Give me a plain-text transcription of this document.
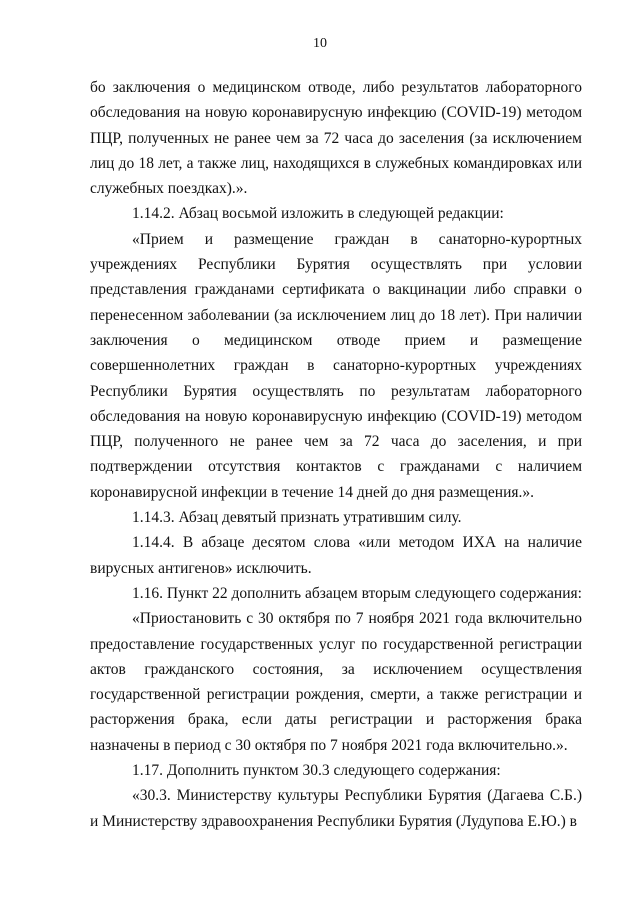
10

бо заключения о медицинском отводе, либо результатов лабораторного обследования на новую коронавирусную инфекцию (COVID-19) методом ПЦР, полученных не ранее чем за 72 часа до заселения (за исключением лиц до 18 лет, а также лиц, находящихся в служебных командировках или служебных поездках).».

1.14.2. Абзац восьмой изложить в следующей редакции:

«Прием и размещение граждан в санаторно-курортных учреждениях Республики Бурятия осуществлять при условии представления гражданами сертификата о вакцинации либо справки о перенесенном заболевании (за исключением лиц до 18 лет). При наличии заключения о медицинском отводе прием и размещение совершеннолетних граждан в санаторно-курортных учреждениях Республики Бурятия осуществлять по результатам лабораторного обследования на новую коронавирусную инфекцию (COVID-19) методом ПЦР, полученного не ранее чем за 72 часа до заселения, и при подтверждении отсутствия контактов с гражданами с наличием коронавирусной инфекции в течение 14 дней до дня размещения.».

1.14.3. Абзац девятый признать утратившим силу.

1.14.4. В абзаце десятом слова «или методом ИХА на наличие вирусных антигенов» исключить.

1.16. Пункт 22 дополнить абзацем вторым следующего содержания:

«Приостановить с 30 октября по 7 ноября 2021 года включительно предоставление государственных услуг по государственной регистрации актов гражданского состояния, за исключением осуществления государственной регистрации рождения, смерти, а также регистрации и расторжения брака, если даты регистрации и расторжения брака назначены в период с 30 октября по 7 ноября 2021 года включительно.».

1.17. Дополнить пунктом 30.3 следующего содержания:

«30.3. Министерству культуры Республики Бурятия (Дагаева С.Б.) и Министерству здравоохранения Республики Бурятия (Лудупова Е.Ю.) в
